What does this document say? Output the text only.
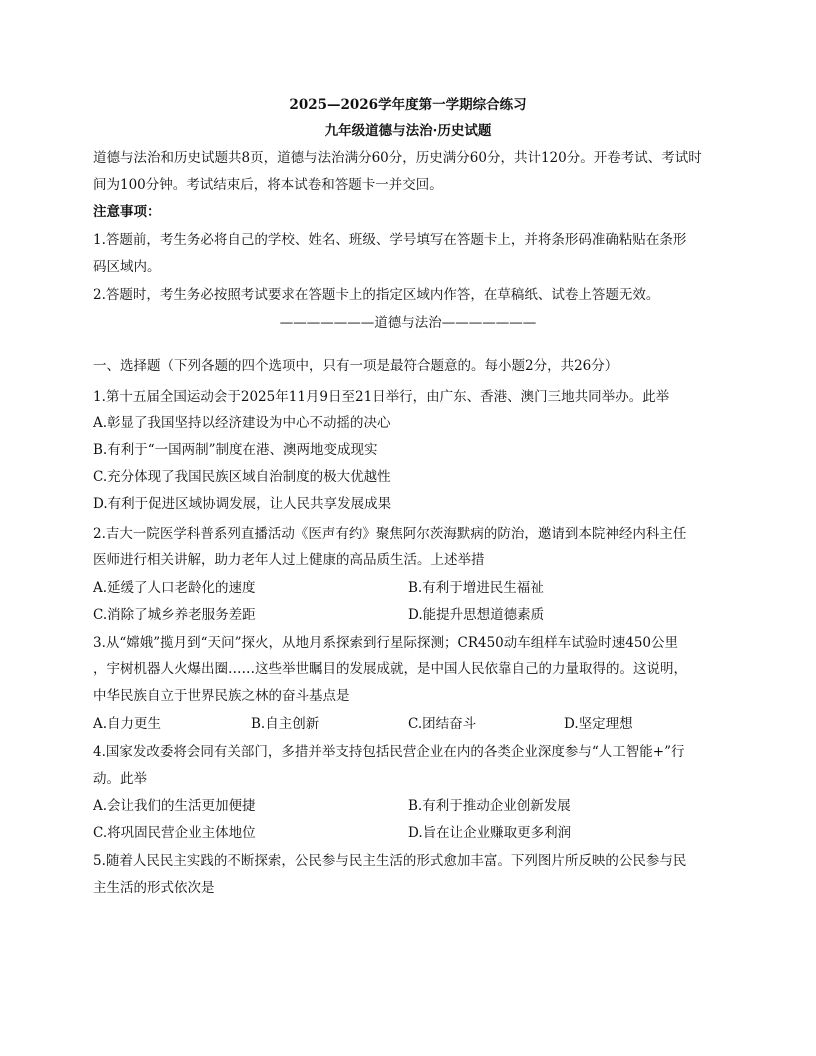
2025—2026学年度第一学期综合练习
九年级道德与法治·历史试题
道德与法治和历史试题共8页，道德与法治满分60分，历史满分60分，共计120分。开卷考试、考试时
间为100分钟。考试结束后，将本试卷和答题卡一并交回。
注意事项：
1.答题前，考生务必将自己的学校、姓名、班级、学号填写在答题卡上，并将条形码准确粘贴在条形
码区域内。
2.答题时，考生务必按照考试要求在答题卡上的指定区域内作答，在草稿纸、试卷上答题无效。
———————道德与法治———————
一、选择题（下列各题的四个选项中，只有一项是最符合题意的。每小题2分，共26分）
1.第十五届全国运动会于2025年11月9日至21日举行，由广东、香港、澳门三地共同举办。此举
A.彰显了我国坚持以经济建设为中心不动摇的决心
B.有利于“一国两制”制度在港、澳两地变成现实
C.充分体现了我国民族区域自治制度的极大优越性
D.有利于促进区域协调发展，让人民共享发展成果
2.吉大一院医学科普系列直播活动《医声有约》聚焦阿尔茨海默病的防治，邀请到本院神经内科主任
医师进行相关讲解，助力老年人过上健康的高品质生活。上述举措
A.延缓了人口老龄化的速度	B.有利于增进民生福祉
C.消除了城乡养老服务差距	D.能提升思想道德素质
3.从“嫦娥”揽月到“天问”探火，从地月系探索到行星际探测；CR450动车组样车试验时速450公里
，宇树机器人火爆出圈……这些举世瞩目的发展成就，是中国人民依靠自己的力量取得的。这说明，
中华民族自立于世界民族之林的奋斗基点是
A.自力更生	B.自主创新	C.团结奋斗	D.坚定理想
4.国家发改委将会同有关部门，多措并举支持包括民营企业在内的各类企业深度参与“人工智能+”行
动。此举
A.会让我们的生活更加便捷	B.有利于推动企业创新发展
C.将巩固民营企业主体地位	D.旨在让企业赚取更多利润
5.随着人民民主实践的不断探索，公民参与民主生活的形式愈加丰富。下列图片所反映的公民参与民
主生活的形式依次是
